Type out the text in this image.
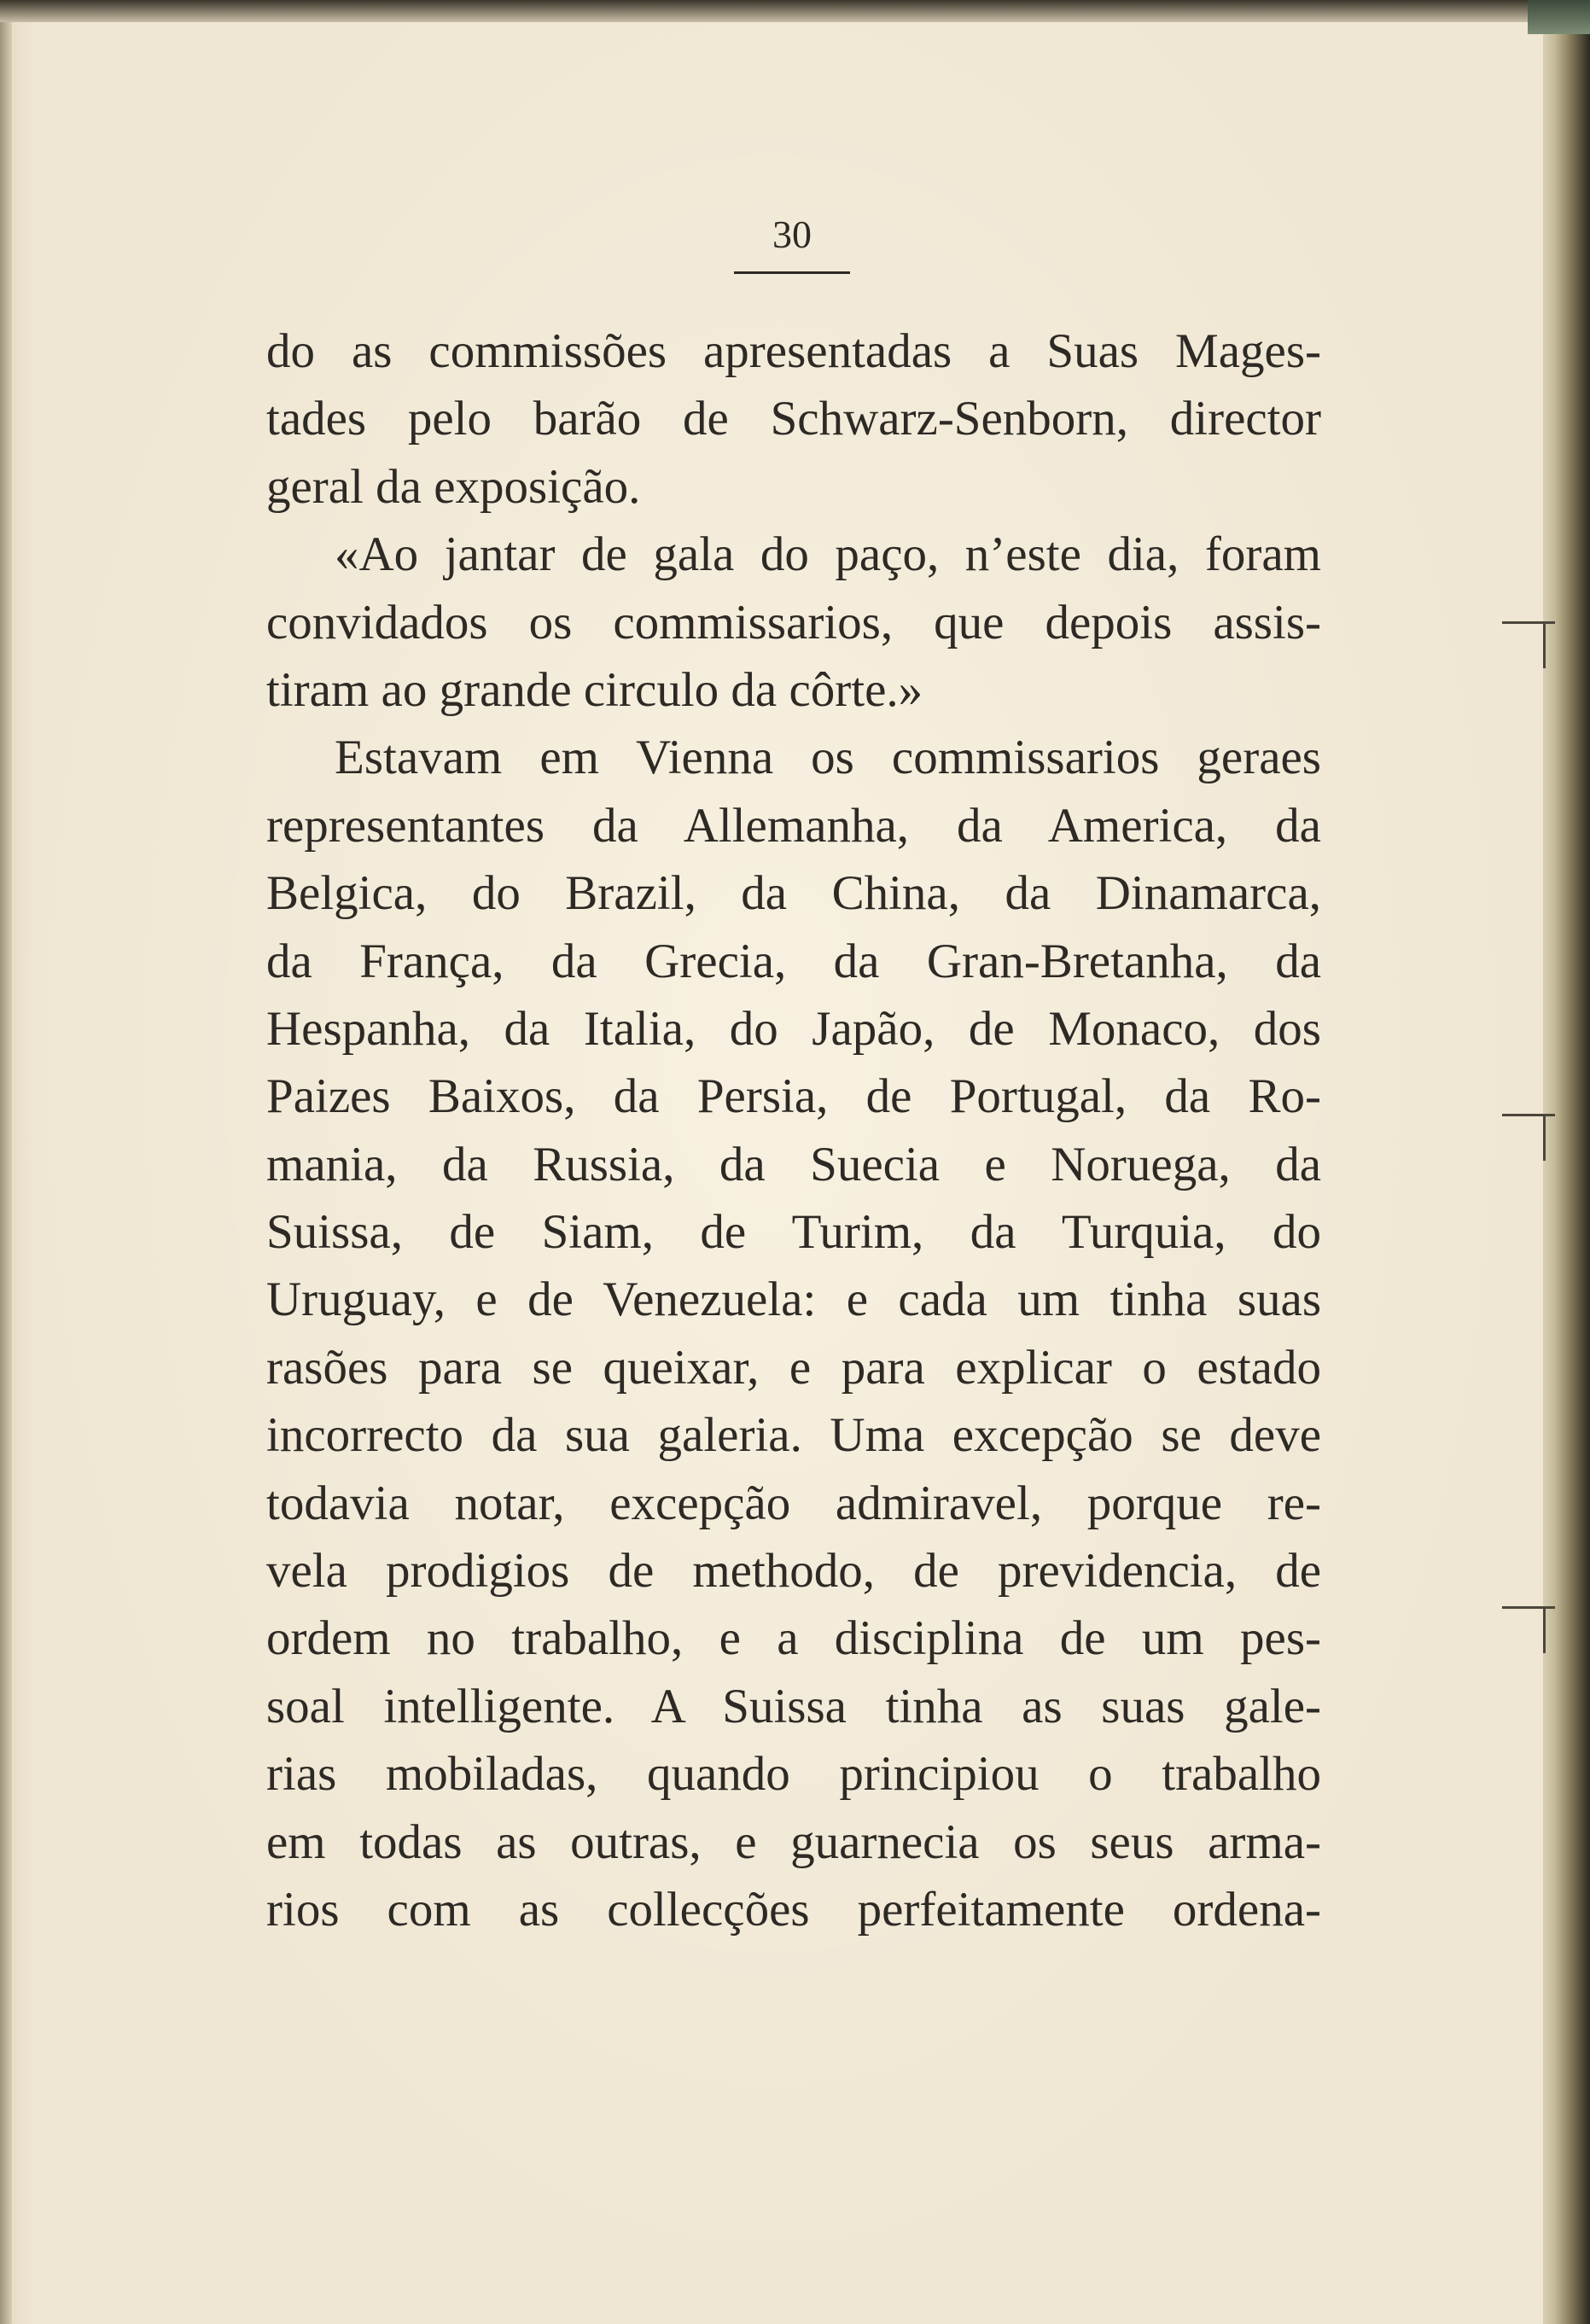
30
do as commissões apresentadas a Suas Mages-
tades pelo barão de Schwarz-Senborn, director
geral da exposição.
«Ao jantar de gala do paço, n’este dia, foram
convidados os commissarios, que depois assis-
tiram ao grande circulo da côrte.»
Estavam em Vienna os commissarios geraes
representantes da Allemanha, da America, da
Belgica, do Brazil, da China, da Dinamarca,
da França, da Grecia, da Gran-Bretanha, da
Hespanha, da Italia, do Japão, de Monaco, dos
Paizes Baixos, da Persia, de Portugal, da Ro-
mania, da Russia, da Suecia e Noruega, da
Suissa, de Siam, de Turim, da Turquia, do
Uruguay, e de Venezuela: e cada um tinha suas
rasões para se queixar, e para explicar o estado
incorrecto da sua galeria. Uma excepção se deve
todavia notar, excepção admiravel, porque re-
vela prodigios de methodo, de previdencia, de
ordem no trabalho, e a disciplina de um pes-
soal intelligente. A Suissa tinha as suas gale-
rias mobiladas, quando principiou o trabalho
em todas as outras, e guarnecia os seus arma-
rios com as collecções perfeitamente ordena-
